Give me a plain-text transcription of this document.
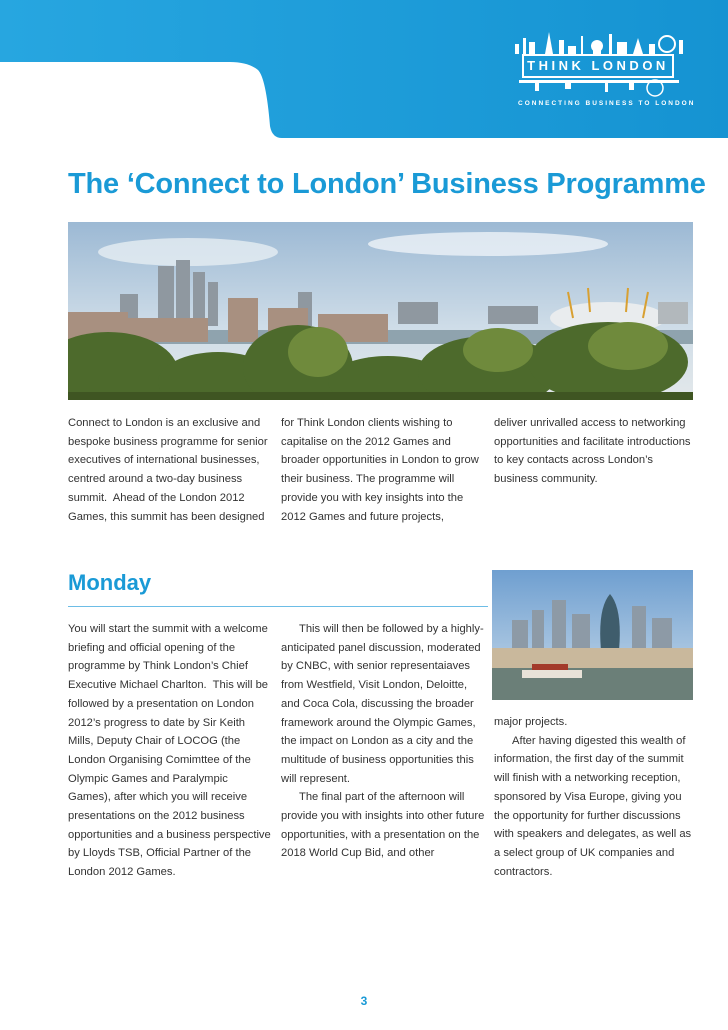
THINK LONDON
CONNECTING BUSINESS TO LONDON
The ‘Connect to London’ Business Programme

Connect to London is an exclusive and bespoke business programme for senior executives of international businesses, centred around a two-day business summit.  Ahead of the London 2012 Games, this summit has been designed

for Think London clients wishing to capitalise on the 2012 Games and broader opportunities in London to grow their business. The programme will provide you with key insights into the 2012 Games and future projects,

deliver unrivalled access to networking opportunities and facilitate introductions to key contacts across London’s business community.

Monday

You will start the summit with a welcome briefing and official opening of the programme by Think London’s Chief Executive Michael Charlton.  This will be followed by a presentation on London 2012’s progress to date by Sir Keith Mills, Deputy Chair of LOCOG (the London Organising Comimttee of the Olympic Games and Paralympic Games), after which you will receive presentations on the 2012 business opportunities and a business perspective by Lloyds TSB, Official Partner of the London 2012 Games.

This will then be followed by a highly-anticipated panel discussion, moderated by CNBC, with senior representaiaves from Westfield, Visit London, Deloitte, and Coca Cola, discussing the broader framework around the Olympic Games, the impact on London as a city and the multitude of business opportunities this will represent.

The final part of the afternoon will provide you with insights into other future opportunities, with a presentation on the 2018 World Cup Bid, and other

major projects.

After having digested this wealth of information, the first day of the summit will finish with a networking reception, sponsored by Visa Europe, giving you the opportunity for further discussions with speakers and delegates, as well as a select group of UK companies and contractors.

3
